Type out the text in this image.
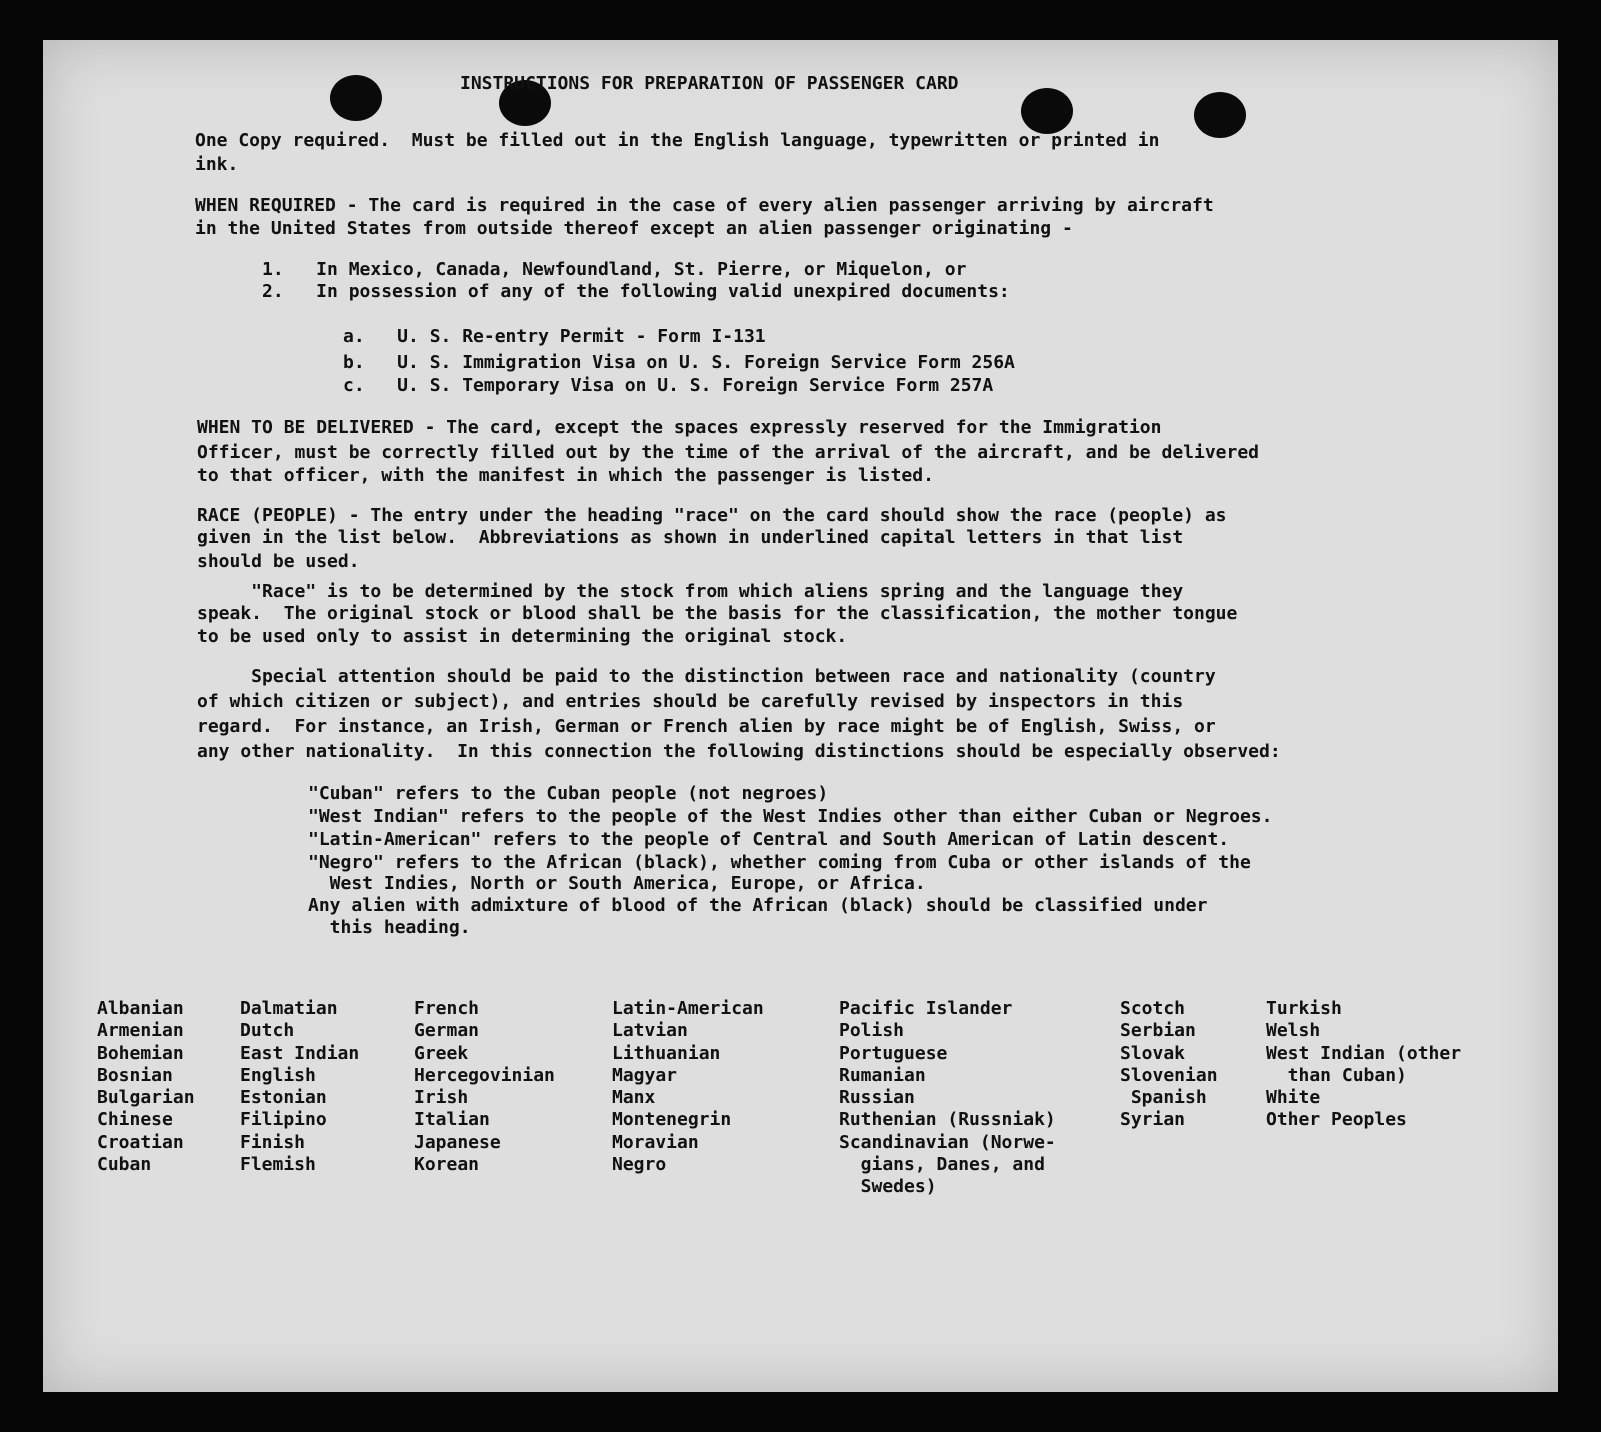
INSTRUCTIONS FOR PREPARATION OF PASSENGER CARD
One Copy required.  Must be filled out in the English language, typewritten or printed in
ink.
WHEN REQUIRED - The card is required in the case of every alien passenger arriving by aircraft
in the United States from outside thereof except an alien passenger originating -
1.   In Mexico, Canada, Newfoundland, St. Pierre, or Miquelon, or
2.   In possession of any of the following valid unexpired documents:
a.   U. S. Re-entry Permit - Form I-131
b.   U. S. Immigration Visa on U. S. Foreign Service Form 256A
c.   U. S. Temporary Visa on U. S. Foreign Service Form 257A
WHEN TO BE DELIVERED - The card, except the spaces expressly reserved for the Immigration
Officer, must be correctly filled out by the time of the arrival of the aircraft, and be delivered
to that officer, with the manifest in which the passenger is listed.
RACE (PEOPLE) - The entry under the heading "race" on the card should show the race (people) as
given in the list below.  Abbreviations as shown in underlined capital letters in that list
should be used.
"Race" is to be determined by the stock from which aliens spring and the language they
speak.  The original stock or blood shall be the basis for the classification, the mother tongue
to be used only to assist in determining the original stock.
Special attention should be paid to the distinction between race and nationality (country
of which citizen or subject), and entries should be carefully revised by inspectors in this
regard.  For instance, an Irish, German or French alien by race might be of English, Swiss, or
any other nationality.  In this connection the following distinctions should be especially observed:
"Cuban" refers to the Cuban people (not negroes)
"West Indian" refers to the people of the West Indies other than either Cuban or Negroes.
"Latin-American" refers to the people of Central and South American of Latin descent.
"Negro" refers to the African (black), whether coming from Cuba or other islands of the
West Indies, North or South America, Europe, or Africa.
Any alien with admixture of blood of the African (black) should be classified under
this heading.
Albanian
Armenian
Bohemian
Bosnian
Bulgarian
Chinese
Croatian
Cuban
Dalmatian
Dutch
East Indian
English
Estonian
Filipino
Finish
Flemish
French
German
Greek
Hercegovinian
Irish
Italian
Japanese
Korean
Latin-American
Latvian
Lithuanian
Magyar
Manx
Montenegrin
Moravian
Negro
Pacific Islander
Polish
Portuguese
Rumanian
Russian
Ruthenian (Russniak)
Scandinavian (Norwe-
gians, Danes, and
Swedes)
Scotch
Serbian
Slovak
Slovenian
Spanish
Syrian
Turkish
Welsh
West Indian (other
than Cuban)
White
Other Peoples
